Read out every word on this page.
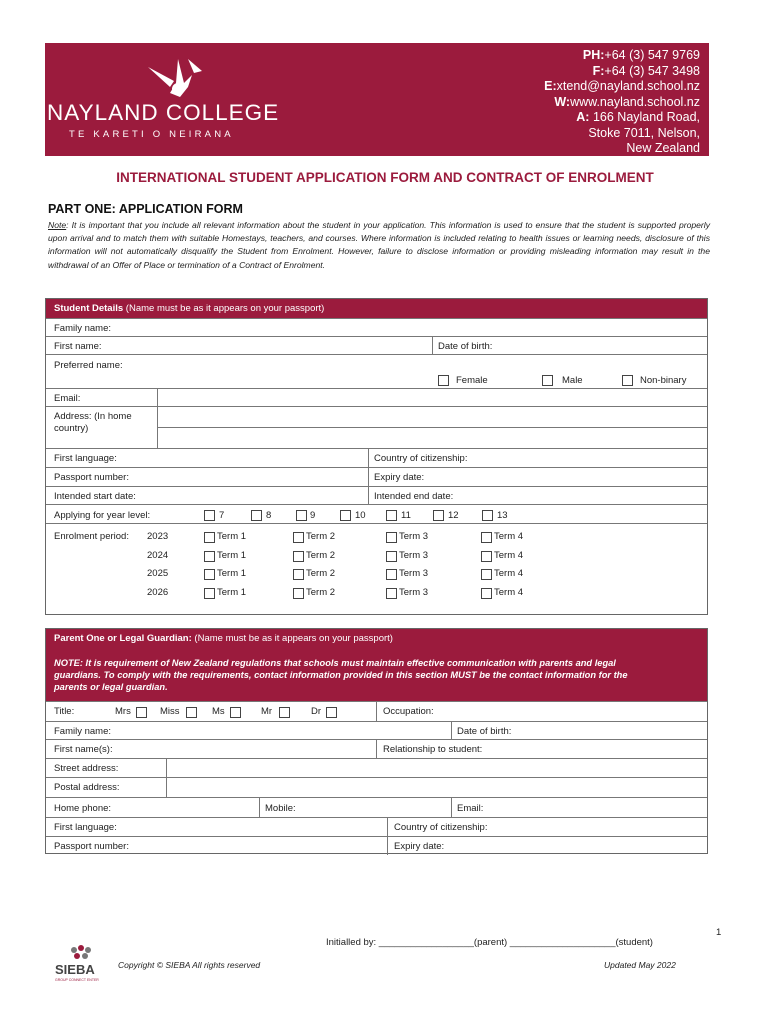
NAYLAND COLLEGE
TE KARETI O NEIRANA
PH:+64 (3) 547 9769
F:+64 (3) 547 3498
E:xtend@nayland.school.nz
W:www.nayland.school.nz
A: 166 Nayland Road,
Stoke 7011, Nelson,
New Zealand
INTERNATIONAL STUDENT APPLICATION FORM AND CONTRACT OF ENROLMENT
PART ONE: APPLICATION FORM
Note: It is important that you include all relevant information about the student in your application. This information is used to ensure that the student is supported properly upon arrival and to match them with suitable Homestays, teachers, and courses. Where information is included relating to health issues or learning needs, disclosure of this information will not automatically disqualify the Student from Enrolment. However, failure to disclose information or providing misleading information may result in the withdrawal of an Offer of Place or termination of a Contract of Enrolment.
Student Details (Name must be as it appears on your passport)
Family name:
First name:	Date of birth:
Preferred name:
Female	Male	Non-binary
Email:
Address: (In home
country)
First language:	Country of citizenship:
Passport number:	Expiry date:
Intended start date:	Intended end date:
Applying for year level:	7	8	9	10	11	12	13
Enrolment period: 2023	Term 1	Term 2	Term 3	Term 4
2024	Term 1	Term 2	Term 3	Term 4
2025	Term 1	Term 2	Term 3	Term 4
2026	Term 1	Term 2	Term 3	Term 4
Parent One or Legal Guardian: (Name must be as it appears on your passport)
NOTE: It is requirement of New Zealand regulations that schools must maintain effective communication with parents and legal
guardians. To comply with the requirements, contact information provided in this section MUST be the contact information for the
parents or legal guardian.
Title:	Mrs	Miss	Ms	Mr	Dr	Occupation:
Family name:	Date of birth:
First name(s):	Relationship to student:
Street address:
Postal address:
Home phone:	Mobile:	Email:
First language:	Country of citizenship:
Passport number:	Expiry date:
1
Initialled by: __________________(parent) ____________________(student)
SIEBA
GROUP CONNECT ENTER
Copyright © SIEBA All rights reserved	Updated May 2022
